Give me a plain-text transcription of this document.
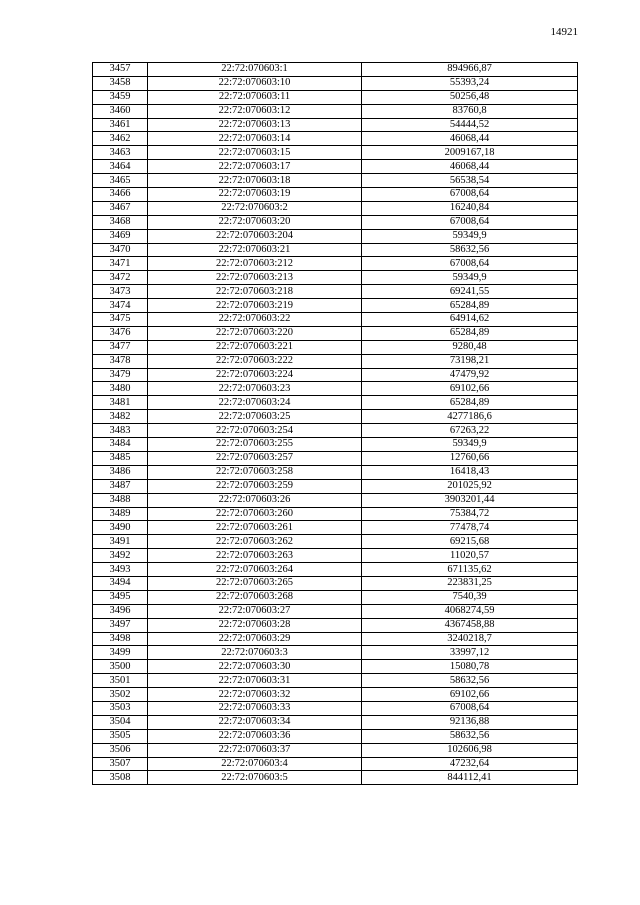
14921
3457	22:72:070603:1	894966,87
3458	22:72:070603:10	55393,24
3459	22:72:070603:11	50256,48
3460	22:72:070603:12	83760,8
3461	22:72:070603:13	54444,52
3462	22:72:070603:14	46068,44
3463	22:72:070603:15	2009167,18
3464	22:72:070603:17	46068,44
3465	22:72:070603:18	56538,54
3466	22:72:070603:19	67008,64
3467	22:72:070603:2	16240,84
3468	22:72:070603:20	67008,64
3469	22:72:070603:204	59349,9
3470	22:72:070603:21	58632,56
3471	22:72:070603:212	67008,64
3472	22:72:070603:213	59349,9
3473	22:72:070603:218	69241,55
3474	22:72:070603:219	65284,89
3475	22:72:070603:22	64914,62
3476	22:72:070603:220	65284,89
3477	22:72:070603:221	9280,48
3478	22:72:070603:222	73198,21
3479	22:72:070603:224	47479,92
3480	22:72:070603:23	69102,66
3481	22:72:070603:24	65284,89
3482	22:72:070603:25	4277186,6
3483	22:72:070603:254	67263,22
3484	22:72:070603:255	59349,9
3485	22:72:070603:257	12760,66
3486	22:72:070603:258	16418,43
3487	22:72:070603:259	201025,92
3488	22:72:070603:26	3903201,44
3489	22:72:070603:260	75384,72
3490	22:72:070603:261	77478,74
3491	22:72:070603:262	69215,68
3492	22:72:070603:263	11020,57
3493	22:72:070603:264	671135,62
3494	22:72:070603:265	223831,25
3495	22:72:070603:268	7540,39
3496	22:72:070603:27	4068274,59
3497	22:72:070603:28	4367458,88
3498	22:72:070603:29	3240218,7
3499	22:72:070603:3	33997,12
3500	22:72:070603:30	15080,78
3501	22:72:070603:31	58632,56
3502	22:72:070603:32	69102,66
3503	22:72:070603:33	67008,64
3504	22:72:070603:34	92136,88
3505	22:72:070603:36	58632,56
3506	22:72:070603:37	102606,98
3507	22:72:070603:4	47232,64
3508	22:72:070603:5	844112,41
